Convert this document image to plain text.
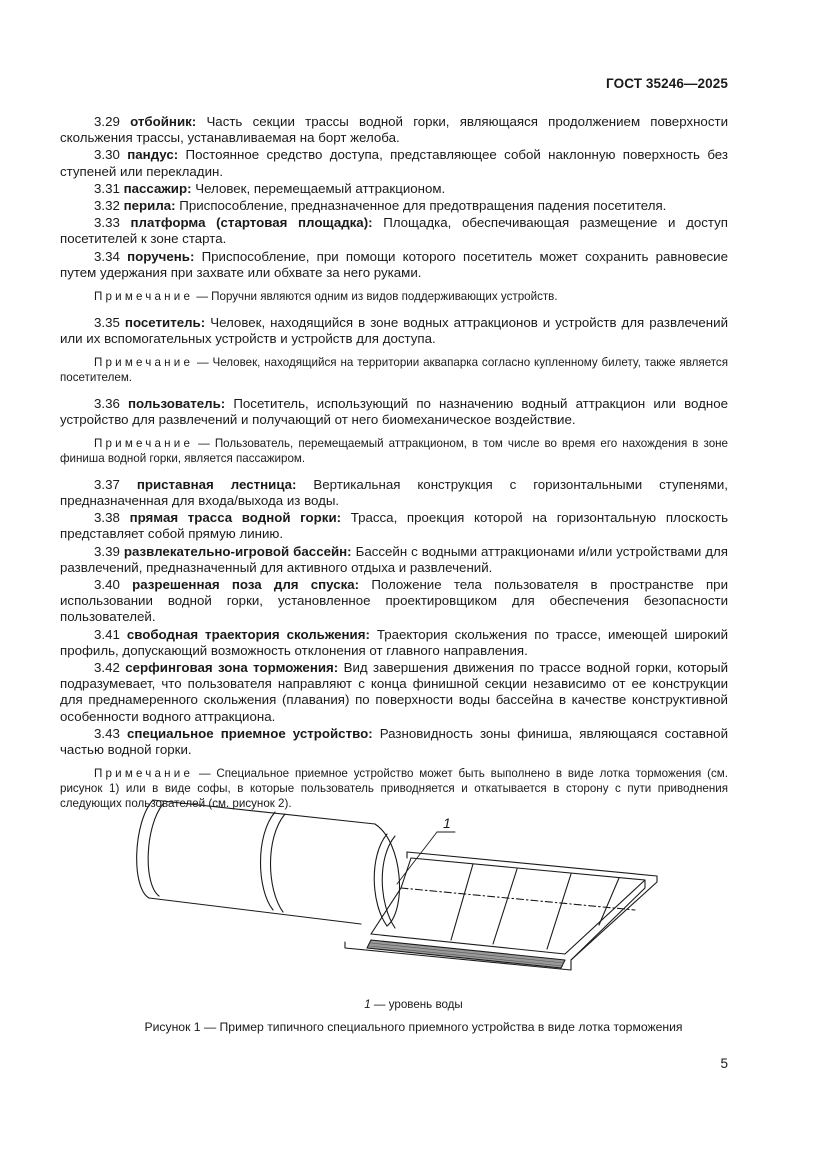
ГОСТ 35246—2025

3.29 отбойник: Часть секции трассы водной горки, являющаяся продолжением поверхности скольжения трассы, устанавливаемая на борт желоба.

3.30 пандус: Постоянное средство доступа, представляющее собой наклонную поверхность без ступеней или перекладин.

3.31 пассажир: Человек, перемещаемый аттракционом.

3.32 перила: Приспособление, предназначенное для предотвращения падения посетителя.

3.33 платформа (стартовая площадка): Площадка, обеспечивающая размещение и доступ посетителей к зоне старта.

3.34 поручень: Приспособление, при помощи которого посетитель может сохранить равновесие путем удержания при захвате или обхвате за него руками.

Примечание — Поручни являются одним из видов поддерживающих устройств.

3.35 посетитель: Человек, находящийся в зоне водных аттракционов и устройств для развлечений или их вспомогательных устройств и устройств для доступа.

Примечание — Человек, находящийся на территории аквапарка согласно купленному билету, также является посетителем.

3.36 пользователь: Посетитель, использующий по назначению водный аттракцион или водное устройство для развлечений и получающий от него биомеханическое воздействие.

Примечание — Пользователь, перемещаемый аттракционом, в том числе во время его нахождения в зоне финиша водной горки, является пассажиром.

3.37 приставная лестница: Вертикальная конструкция с горизонтальными ступенями, предназначенная для входа/выхода из воды.

3.38 прямая трасса водной горки: Трасса, проекция которой на горизонтальную плоскость представляет собой прямую линию.

3.39 развлекательно-игровой бассейн: Бассейн с водными аттракционами и/или устройствами для развлечений, предназначенный для активного отдыха и развлечений.

3.40 разрешенная поза для спуска: Положение тела пользователя в пространстве при использовании водной горки, установленное проектировщиком для обеспечения безопасности пользователей.

3.41 свободная траектория скольжения: Траектория скольжения по трассе, имеющей широкий профиль, допускающий возможность отклонения от главного направления.

3.42 серфинговая зона торможения: Вид завершения движения по трассе водной горки, который подразумевает, что пользователя направляют с конца финишной секции независимо от ее конструкции для преднамеренного скольжения (плавания) по поверхности воды бассейна в качестве конструктивной особенности водного аттракциона.

3.43 специальное приемное устройство: Разновидность зоны финиша, являющаяся составной частью водной горки.

Примечание — Специальное приемное устройство может быть выполнено в виде лотка торможения (см. рисунок 1) или в виде софы, в которые пользователь приводняется и откатывается в сторону с пути приводнения следующих пользователей (см. рисунок 2).

1
1 — уровень воды
Рисунок 1 — Пример типичного специального приемного устройства в виде лотка торможения
5
